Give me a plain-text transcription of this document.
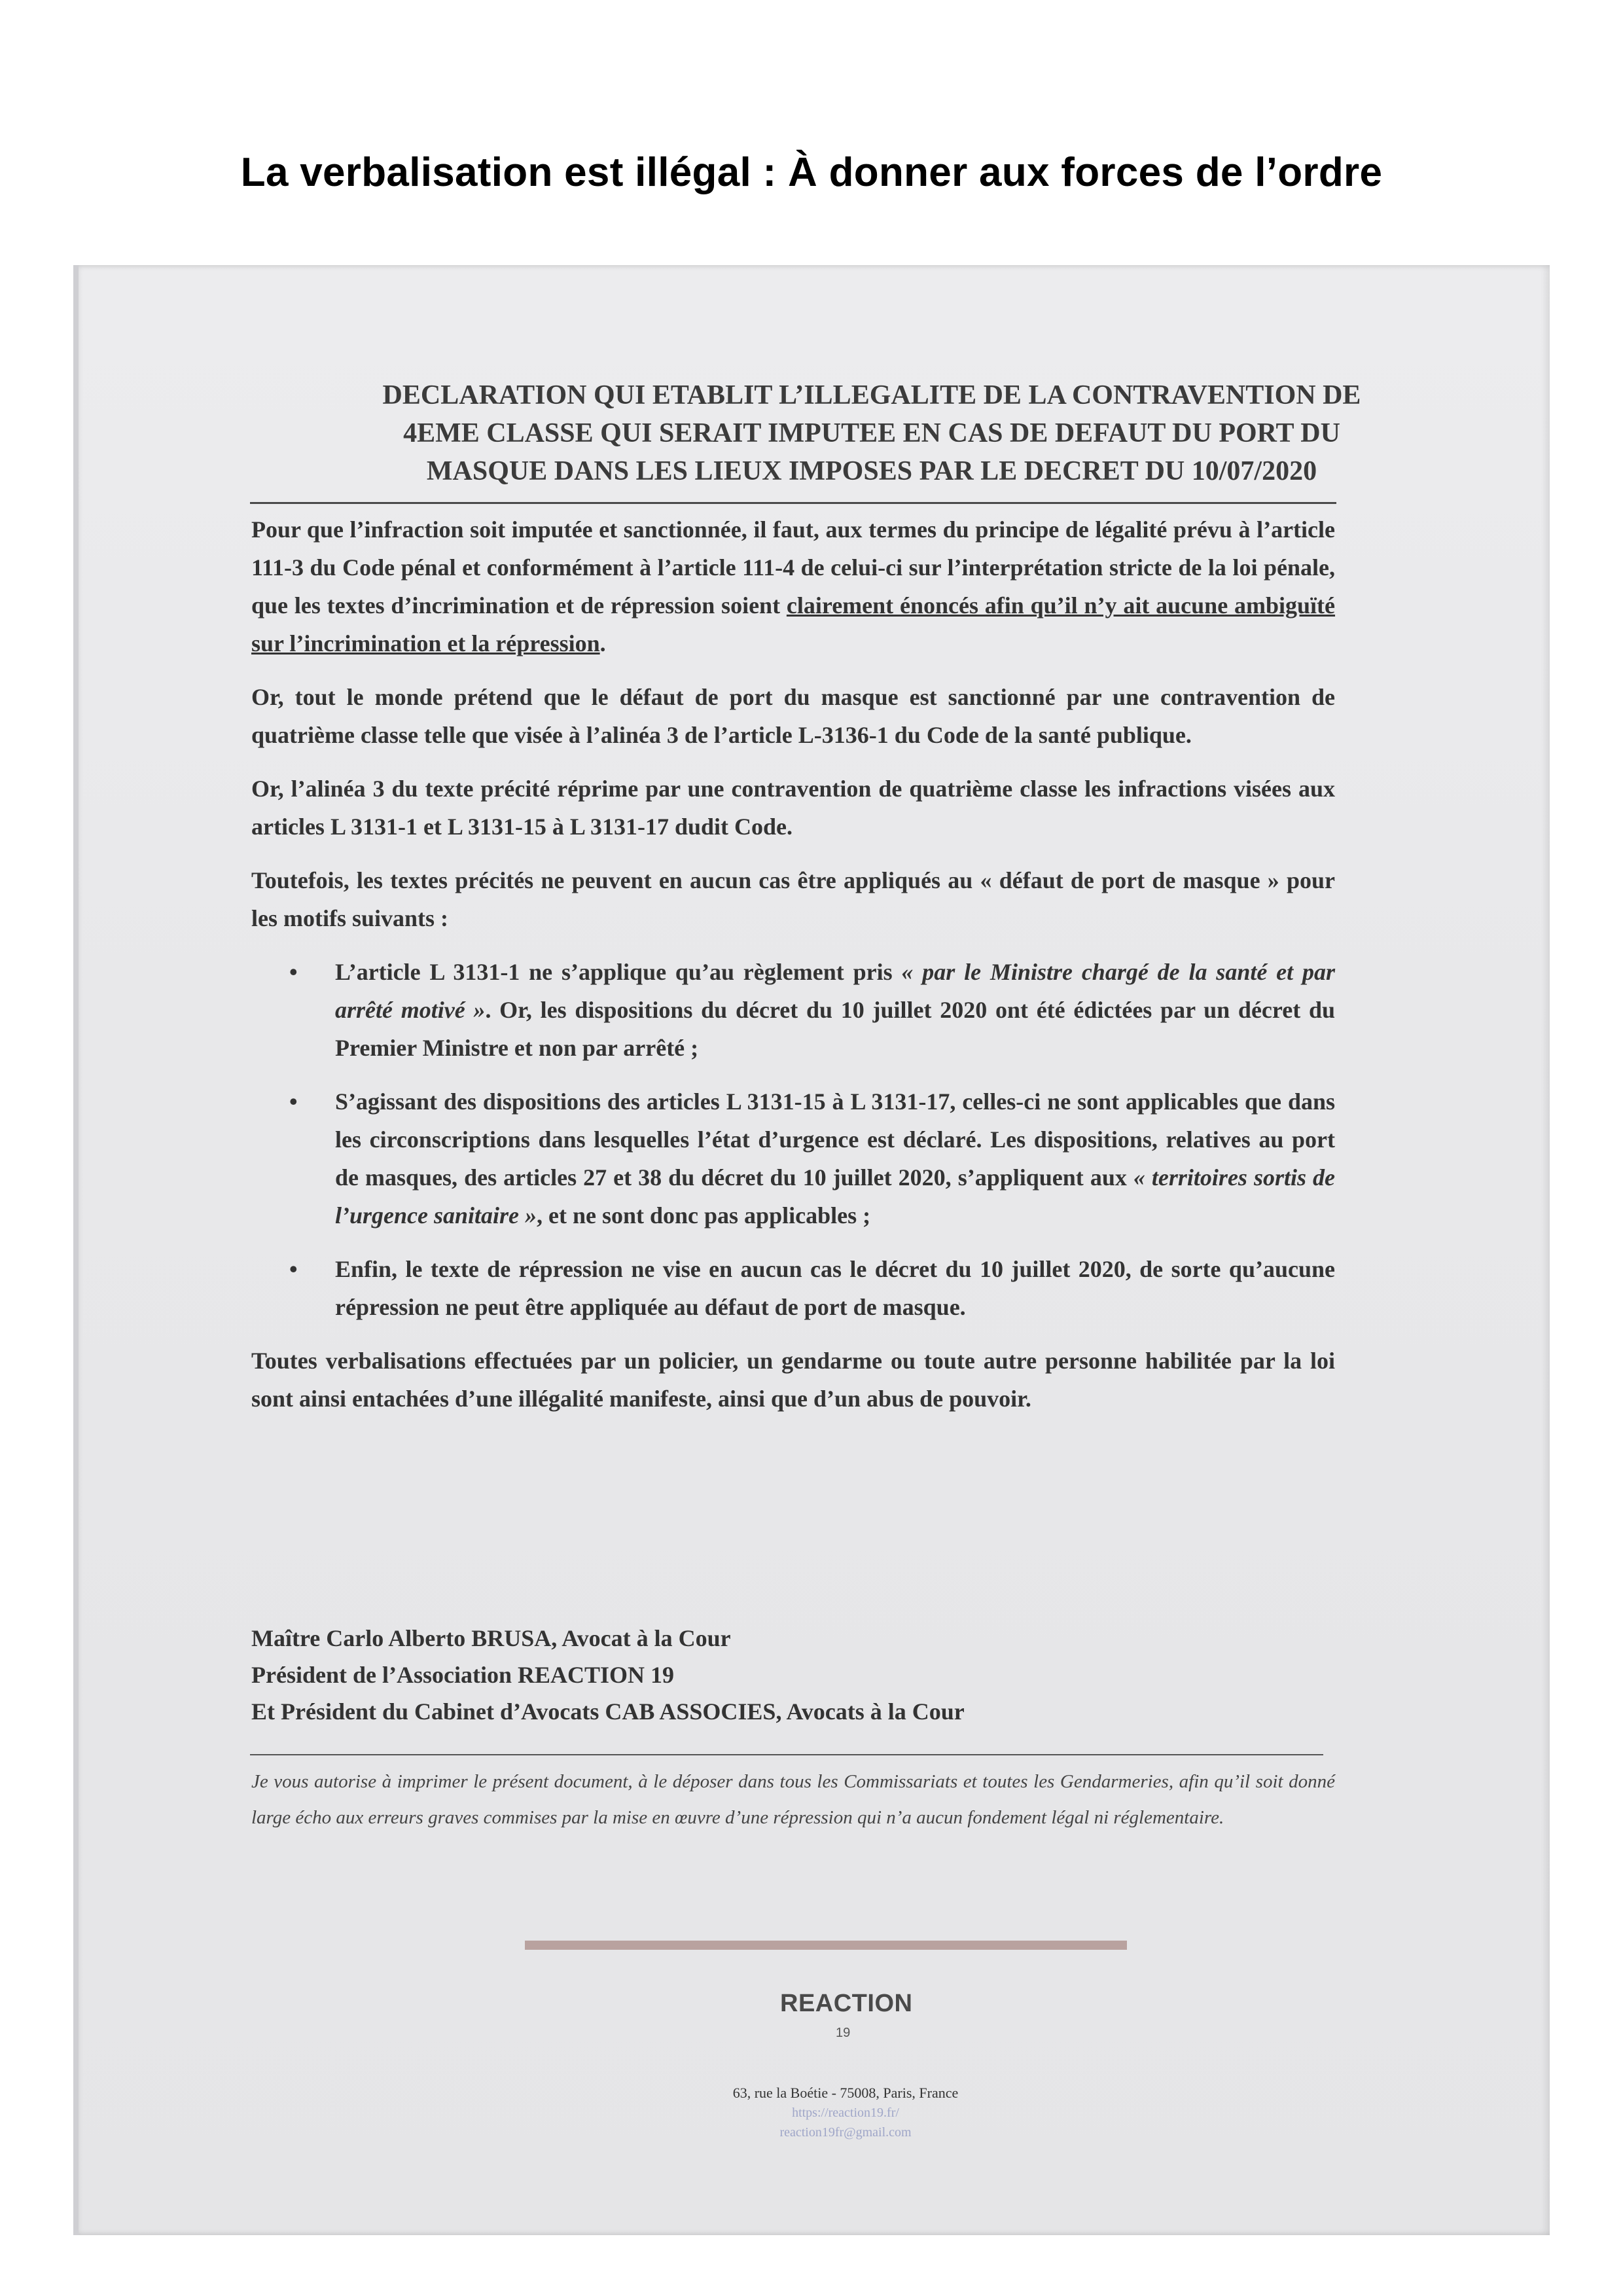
La verbalisation est illégal : À donner aux forces de l’ordre
DECLARATION QUI ETABLIT L’ILLEGALITE DE LA CONTRAVENTION DE
4EME CLASSE QUI SERAIT IMPUTEE EN CAS DE DEFAUT DU PORT DU
MASQUE DANS LES LIEUX IMPOSES PAR LE DECRET DU 10/07/2020

Pour que l’infraction soit imputée et sanctionnée, il faut, aux termes du principe de légalité prévu à l’article 111-3 du Code pénal et conformément à l’article 111-4 de celui-ci sur l’interprétation stricte de la loi pénale, que les textes d’incrimination et de répression soient clairement énoncés afin qu’il n’y ait aucune ambiguïté sur l’incrimination et la répression.

Or, tout le monde prétend que le défaut de port du masque est sanctionné par une contravention de quatrième classe telle que visée à l’alinéa 3 de l’article L-3136-1 du Code de la santé publique.

Or, l’alinéa 3 du texte précité réprime par une contravention de quatrième classe les infractions visées aux articles L 3131-1 et L 3131-15 à L 3131-17 dudit Code.

Toutefois, les textes précités ne peuvent en aucun cas être appliqués au « défaut de port de masque » pour les motifs suivants :

• L’article L 3131-1 ne s’applique qu’au règlement pris « par le Ministre chargé de la santé et par arrêté motivé ». Or, les dispositions du décret du 10 juillet 2020 ont été édictées par un décret du Premier Ministre et non par arrêté ;
• S’agissant des dispositions des articles L 3131-15 à L 3131-17, celles-ci ne sont applicables que dans les circonscriptions dans lesquelles l’état d’urgence est déclaré. Les dispositions, relatives au port de masques, des articles 27 et 38 du décret du 10 juillet 2020, s’appliquent aux « territoires sortis de l’urgence sanitaire », et ne sont donc pas applicables ;
• Enfin, le texte de répression ne vise en aucun cas le décret du 10 juillet 2020, de sorte qu’aucune répression ne peut être appliquée au défaut de port de masque.

Toutes verbalisations effectuées par un policier, un gendarme ou toute autre personne habilitée par la loi sont ainsi entachées d’une illégalité manifeste, ainsi que d’un abus de pouvoir.

Maître Carlo Alberto BRUSA, Avocat à la Cour
Président de l’Association REACTION 19
Et Président du Cabinet d’Avocats CAB ASSOCIES, Avocats à la Cour
Je vous autorise à imprimer le présent document, à le déposer dans tous les Commissariats et toutes les Gendarmeries, afin qu’il soit donné large écho aux erreurs graves commises par la mise en œuvre d’une répression qui n’a aucun fondement légal ni réglementaire.
REACTION
19
63, rue la Boétie - 75008, Paris, France
https://reaction19.fr/
reaction19fr@gmail.com
